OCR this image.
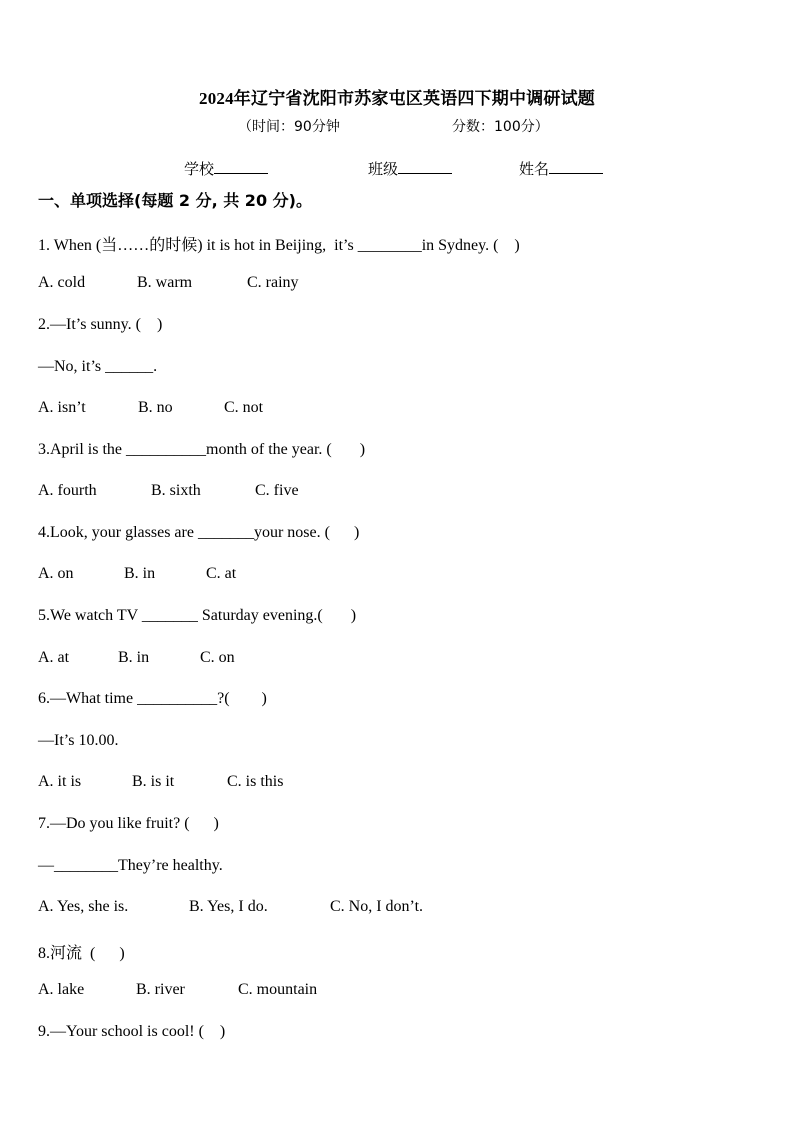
2024年辽宁省沈阳市苏家屯区英语四下期中调研试题
（时间：90分钟	分数：100分）
学校	班级	姓名
一、单项选择(每题 2 分, 共 20 分)。
1. When (当……的时候) it is hot in Beijing,  it’s ________in Sydney. (    )
A. cold	B. warm	C. rainy
2.—It’s sunny. (    )
—No, it’s ______.
A. isn’t	B. no	C. not
3.April is the __________month of the year. (       )
A. fourth	B. sixth	C. five
4.Look, your glasses are _______your nose. (      )
A. on	B. in	C. at
5.We watch TV _______ Saturday evening.(       )
A. at	B. in	C. on
6.—What time __________?(        )
—It’s 10.00.
A. it is	B. is it	C. is this
7.—Do you like fruit? (      )
—________They’re healthy.
A. Yes, she is.	B. Yes, I do.	C. No, I don’t.
8.河流  (      )
A. lake	B. river	C. mountain
9.—Your school is cool! (    )
